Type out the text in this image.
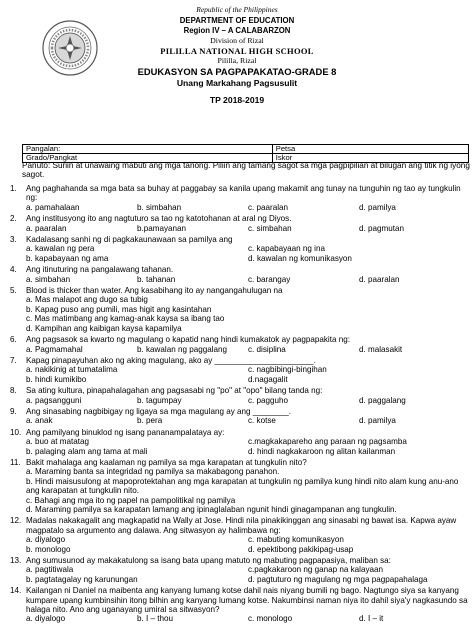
Republic of the Philippines
DEPARTMENT OF EDUCATION
Region IV – A CALABARZON
Division of Rizal
PILILLA NATIONAL HIGH SCHOOL
Pililla, Rizal
EDUKASYON SA PAGPAPAKATAO-GRADE 8
Unang Markahang Pagsusulit
TP 2018-2019
Pangalan:	Petsa
Grado/Pangkat	Iskor
Panuto: Suriin at unawaing mabuti ang mga tanong. Piliin ang tamang sagot sa mga pagpipilian at bilugan ang titik ng iyong sagot.
1.	Ang paghahanda sa mga bata sa buhay at paggabay sa kanila upang makamit ang tunay na tunguhin ng tao ay tungkulin ng:
a. pamahalaan	b. simbahan	c. paaralan	d. pamilya
2.	Ang institusyong ito ang nagtuturo sa tao ng katotohanan at aral ng Diyos.
a. paaralan	b.pamayanan	c. simbahan	d. pagmutan
3.	Kadalasang sanhi ng di pagkakaunawaan sa pamilya ang
a. kawalan ng pera	c. kapabayaan ng ina
b. kapabayaan ng ama	d. kawalan ng komunikasyon
4.	Ang itinuturing na pangalawang tahanan.
a. simbahan	b. tahanan	c. barangay	d. paaralan
5.	Blood is thicker than water. Ang kasabihang ito ay nangangahulugan na
a. Mas malapot ang dugo sa tubig
b. Kapag puso ang pumili, mas higit ang kasintahan
c. Mas matimbang ang kamag-anak kaysa sa ibang tao
d. Kampihan ang kaibigan kaysa kapamilya
6.	Ang pagsasok sa kwarto ng magulang o kapatid nang hindi kumakatok ay pagpapakita ng:
a. Pagmamahal	b. kawalan ng paggalang	c. disiplina	d. malasakit
7.	Kapag pinapayuhan ako ng aking magulang, ako ay ______________________.
a. nakikinig at tumatalima	c. nagbibingi-bingihan
b. hindi kumikibo	d.nagagalit
8.	Sa ating kultura, pinapahalagahan ang pagsasabi ng "po" at "opo" bilang tanda ng:
a. pagsangguni	b. tagumpay	c. pagguho	d. paggalang
9.	Ang sinasabing nagbibigay ng ligaya sa mga magulang ay ang ________.
a. anak	b. pera	c. kotse	d. pamilya
10. Ang pamilyang binuklod ng isang pananampalataya ay:
a. buo at matatag	c.magkakapareho ang paraan ng pagsamba
b. palaging alam ang tama at mali	d. hindi nagkakaroon ng alitan kailanman
11. Bakit mahalaga ang kaalaman ng pamilya sa mga karapatan at tungkulin nito?
a. Maraming banta sa integridad ng pamilya sa makabagong panahon.
b. Hindi maisusulong at mapoprotektahan ang mga karapatan at tungkulin ng pamilya kung hindi nito alam kung anu-ano ang karapatan at tungkulin nito.
c. Bahagi ang mga ito ng papel na pampolitikal ng pamilya
d. Maraming pamilya sa karapatan lamang ang ipinaglalaban ngunit hindi ginagampanan ang tungkulin.
12. Madalas nakakagalit ang magkapatid na Wally at Jose. Hindi nila pinakikinggan ang sinasabi ng bawat isa. Kapwa ayaw magpatalo sa argumento ang dalawa. Ang sitwasyon ay halimbawa ng:
a. diyalogo	c. mabuting komunikasyon
b. monologo	d. epektibong pakikipag-usap
13. Ang sumusunod ay makakatulong sa isang bata upang matuto ng mabuting pagpapasiya, maliban sa:
a. pagtitiwala	c.pagkakaroon ng ganap na kalayaan
b. pagtatagalay ng karunungan	d. pagtuturo ng magulang ng mga pagpapahalaga
14. Kailangan ni Daniel na maibenta ang kanyang lumang kotse dahil nais niyang bumili ng bago. Nagtungo siya sa kanyang kumpare upang kumbinsihin itong bilhin ang kanyang lumang kotse. Nakumbinsi naman niya ito dahil siya'y nagkasundo sa halaga nito. Ano ang uganayang umiral sa sitwasyon?
a. diyalogo	b. I – thou	c. monologo	d. I – it
